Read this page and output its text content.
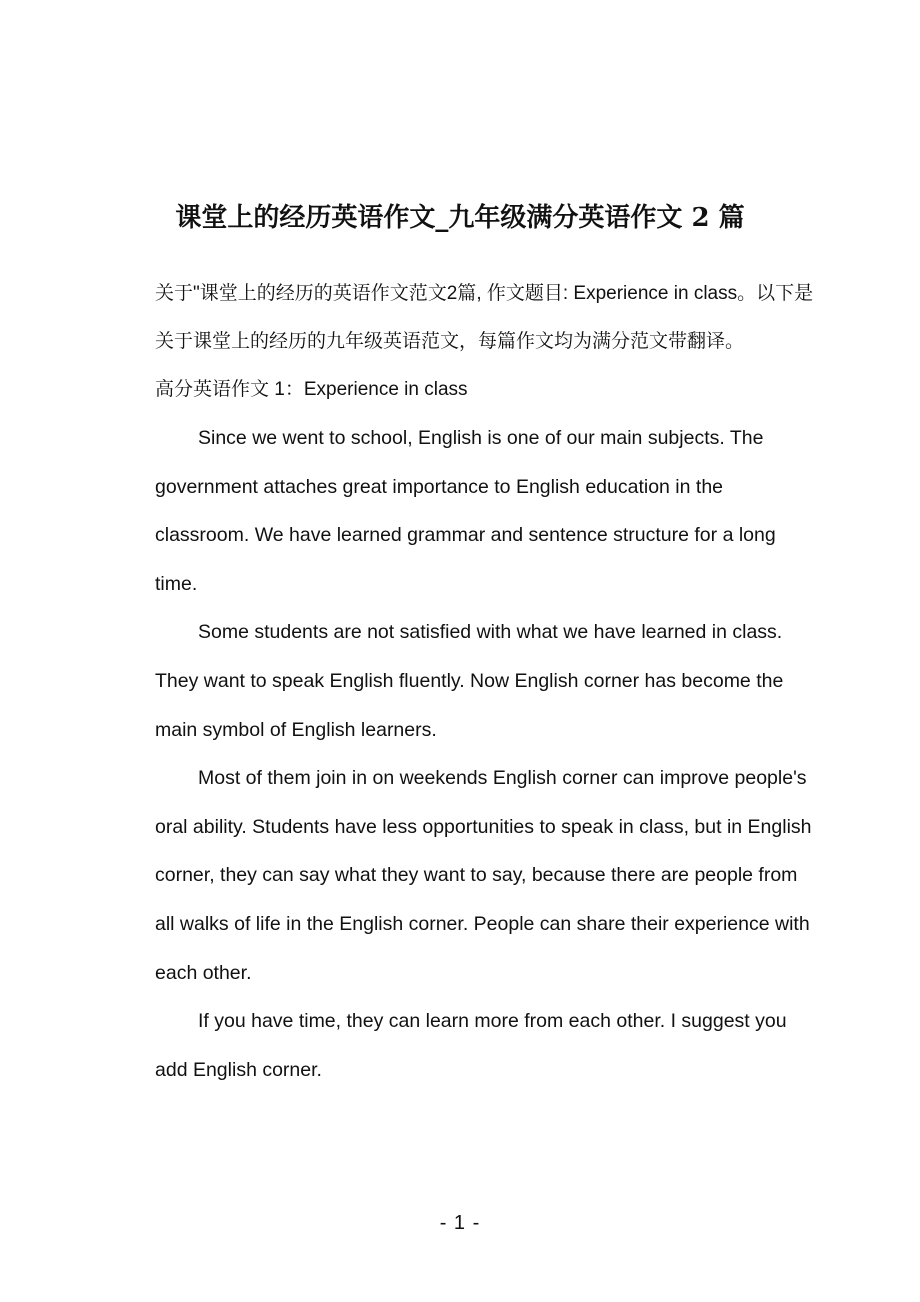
课堂上的经历英语作文_九年级满分英语作文 2 篇

关于"课堂上的经历的英语作文范文2篇, 作文题目: Experience in class。以下是关于课堂上的经历的九年级英语范文，每篇作文均为满分范文带翻译。

高分英语作文 1：Experience in class

Since we went to school, English is one of our main subjects. The government attaches great importance to English education in the classroom. We have learned grammar and sentence structure for a long time.

Some students are not satisfied with what we have learned in class. They want to speak English fluently. Now English corner has become the main symbol of English learners.

Most of them join in on weekends English corner can improve people's oral ability. Students have less opportunities to speak in class, but in English corner, they can say what they want to say, because there are people from all walks of life in the English corner. People can share their experience with each other.

If you have time, they can learn more from each other. I suggest you add English corner.

- 1 -
